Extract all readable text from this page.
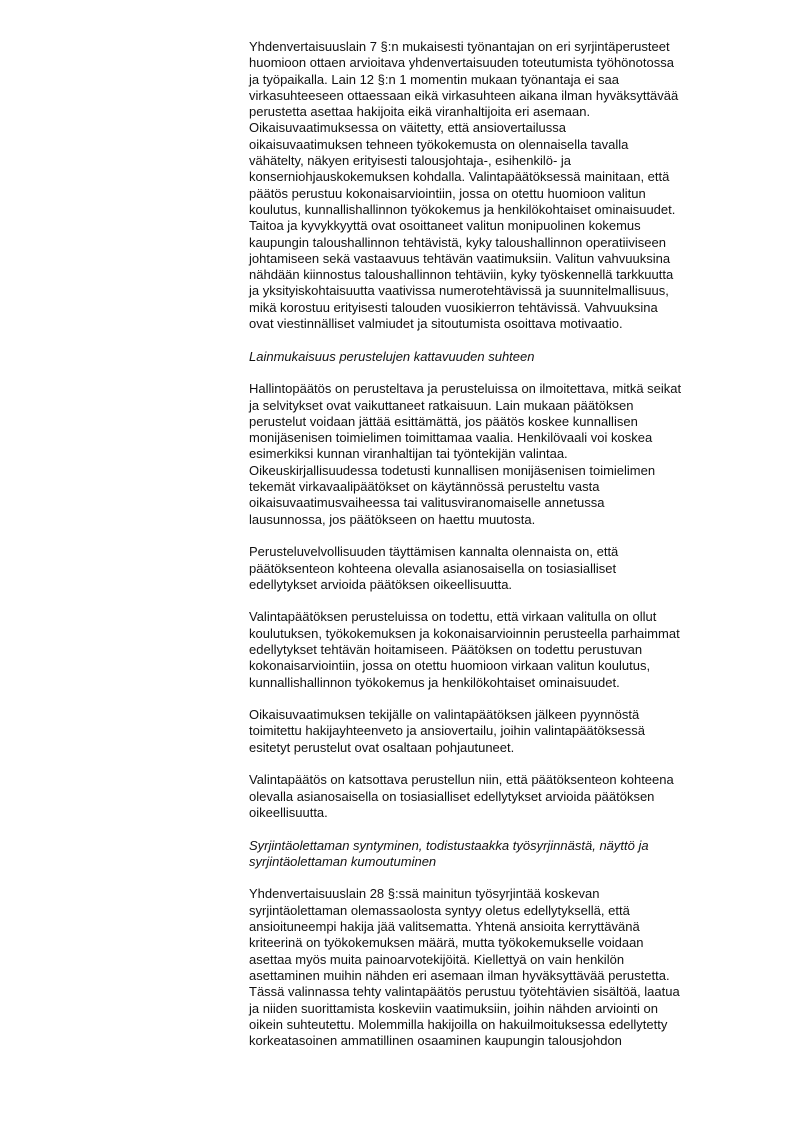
Yhdenvertaisuuslain 7 §:n mukaisesti työnantajan on eri syrjintäperusteet
huomioon ottaen arvioitava yhdenvertaisuuden toteutumista työhönotossa
ja työpaikalla. Lain 12 §:n 1 momentin mukaan työnantaja ei saa
virkasuhteeseen ottaessaan eikä virkasuhteen aikana ilman hyväksyttävää
perustetta asettaa hakijoita eikä viranhaltijoita eri asemaan.
Oikaisuvaatimuksessa on väitetty, että ansiovertailussa
oikaisuvaatimuksen tehneen työkokemusta on olennaisella tavalla
vähätelty, näkyen erityisesti talousjohtaja-, esihenkilö- ja
konserniohjauskokemuksen kohdalla. Valintapäätöksessä mainitaan, että
päätös perustuu kokonaisarviointiin, jossa on otettu huomioon valitun
koulutus, kunnallishallinnon työkokemus ja henkilökohtaiset ominaisuudet.
Taitoa ja kyvykkyyttä ovat osoittaneet valitun monipuolinen kokemus
kaupungin taloushallinnon tehtävistä, kyky taloushallinnon operatiiviseen
johtamiseen sekä vastaavuus tehtävän vaatimuksiin. Valitun vahvuuksina
nähdään kiinnostus taloushallinnon tehtäviin, kyky työskennellä tarkkuutta
ja yksityiskohtaisuutta vaativissa numerotehtävissä ja suunnitelmallisuus,
mikä korostuu erityisesti talouden vuosikierron tehtävissä. Vahvuuksina
ovat viestinnälliset valmiudet ja sitoutumista osoittava motivaatio.
Lainmukaisuus perustelujen kattavuuden suhteen
Hallintopäätös on perusteltava ja perusteluissa on ilmoitettava, mitkä seikat
ja selvitykset ovat vaikuttaneet ratkaisuun. Lain mukaan päätöksen
perustelut voidaan jättää esittämättä, jos päätös koskee kunnallisen
monijäsenisen toimielimen toimittamaa vaalia. Henkilövaali voi koskea
esimerkiksi kunnan viranhaltijan tai työntekijän valintaa.
Oikeuskirjallisuudessa todetusti kunnallisen monijäsenisen toimielimen
tekemät virkavaalipäätökset on käytännössä perusteltu vasta
oikaisuvaatimusvaiheessa tai valitusviranomaiselle annetussa
lausunnossa, jos päätökseen on haettu muutosta.
Perusteluvelvollisuuden täyttämisen kannalta olennaista on, että
päätöksenteon kohteena olevalla asianosaisella on tosiasialliset
edellytykset arvioida päätöksen oikeellisuutta.
Valintapäätöksen perusteluissa on todettu, että virkaan valitulla on ollut
koulutuksen, työkokemuksen ja kokonaisarvioinnin perusteella parhaimmat
edellytykset tehtävän hoitamiseen. Päätöksen on todettu perustuvan
kokonaisarviointiin, jossa on otettu huomioon virkaan valitun koulutus,
kunnallishallinnon työkokemus ja henkilökohtaiset ominaisuudet.
Oikaisuvaatimuksen tekijälle on valintapäätöksen jälkeen pyynnöstä
toimitettu hakijayhteenveto ja ansiovertailu, joihin valintapäätöksessä
esitetyt perustelut ovat osaltaan pohjautuneet.
Valintapäätös on katsottava perustellun niin, että päätöksenteon kohteena
olevalla asianosaisella on tosiasialliset edellytykset arvioida päätöksen
oikeellisuutta.
Syrjintäolettaman syntyminen, todistustaakka työsyrjinnästä, näyttö ja
syrjintäolettaman kumoutuminen
Yhdenvertaisuuslain 28 §:ssä mainitun työsyrjintää koskevan
syrjintäolettaman olemassaolosta syntyy oletus edellytyksellä, että
ansioituneempi hakija jää valitsematta. Yhtenä ansioita kerryttävänä
kriteerinä on työkokemuksen määrä, mutta työkokemukselle voidaan
asettaa myös muita painoarvotekijöitä. Kiellettyä on vain henkilön
asettaminen muihin nähden eri asemaan ilman hyväksyttävää perustetta.
Tässä valinnassa tehty valintapäätös perustuu työtehtävien sisältöä, laatua
ja niiden suorittamista koskeviin vaatimuksiin, joihin nähden arviointi on
oikein suhteutettu. Molemmilla hakijoilla on hakuilmoituksessa edellytetty
korkeatasoinen ammatillinen osaaminen kaupungin talousjohdon
